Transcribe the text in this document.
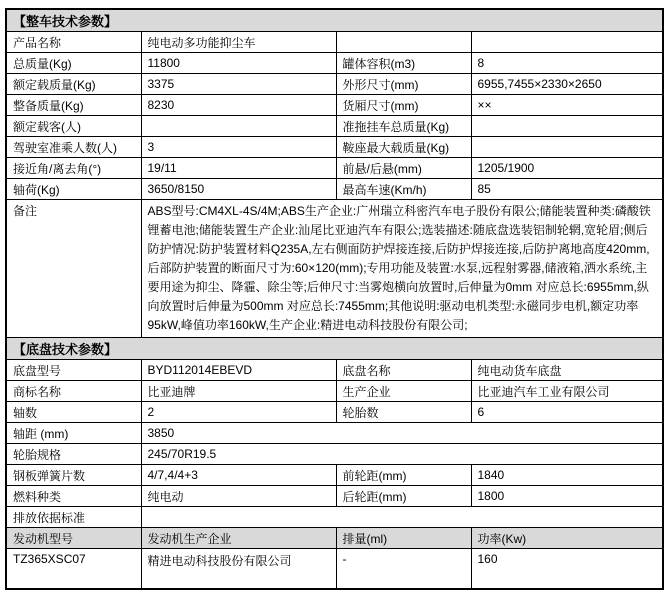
【整车技术参数】			
产品名称	纯电动多功能抑尘车		
总质量(Kg)	11800	罐体容积(m3)	8
额定载质量(Kg)	3375	外形尺寸(mm)	6955,7455×2330×2650
整备质量(Kg)	8230	货厢尺寸(mm)	××
额定载客(人)		准拖挂车总质量(Kg)	
驾驶室准乘人数(人)	3	鞍座最大载质量(Kg)	
接近角/离去角(°)	19/11	前悬/后悬(mm)	1205/1900
轴荷(Kg)	3650/8150	最高车速(Km/h)	85
备注	ABS型号:CM4XL-4S/4M;ABS生产企业:广州瑞立科密汽车电子股份有限公;储能装置种类:磷酸铁锂蓄电池;储能装置生产企业:汕尾比亚迪汽车有限公;选装描述:随底盘选装铝制轮辋,宽轮眉;侧后防护情况:防护装置材料Q235A,左右侧面防护焊接连接,后防护焊接连接,后防护离地高度420mm,后部防护装置的断面尺寸为:60×120(mm);专用功能及装置:水泵,远程射雾器,储液箱,洒水系统,主要用途为抑尘、降霾、除尘等;后伸尺寸:当雾炮横向放置时,后伸量为0mm 对应总长:6955mm,纵向放置时后伸量为500mm 对应总长:7455mm;其他说明:驱动电机类型:永磁同步电机,额定功率95kW,峰值功率160kW,生产企业:精进电动科技股份有限公司;		
【底盘技术参数】			
底盘型号	BYD112014EBEVD	底盘名称	纯电动货车底盘
商标名称	比亚迪牌	生产企业	比亚迪汽车工业有限公司
轴数	2	轮胎数	6
轴距 (mm)	3850		
轮胎规格	245/70R19.5		
钢板弹簧片数	4/7,4/4+3	前轮距(mm)	1840
燃料种类	纯电动	后轮距(mm)	1800
排放依据标准			
发动机型号	发动机生产企业	排量(ml)	功率(Kw)
TZ365XSC07	精进电动科技股份有限公司	-	160
